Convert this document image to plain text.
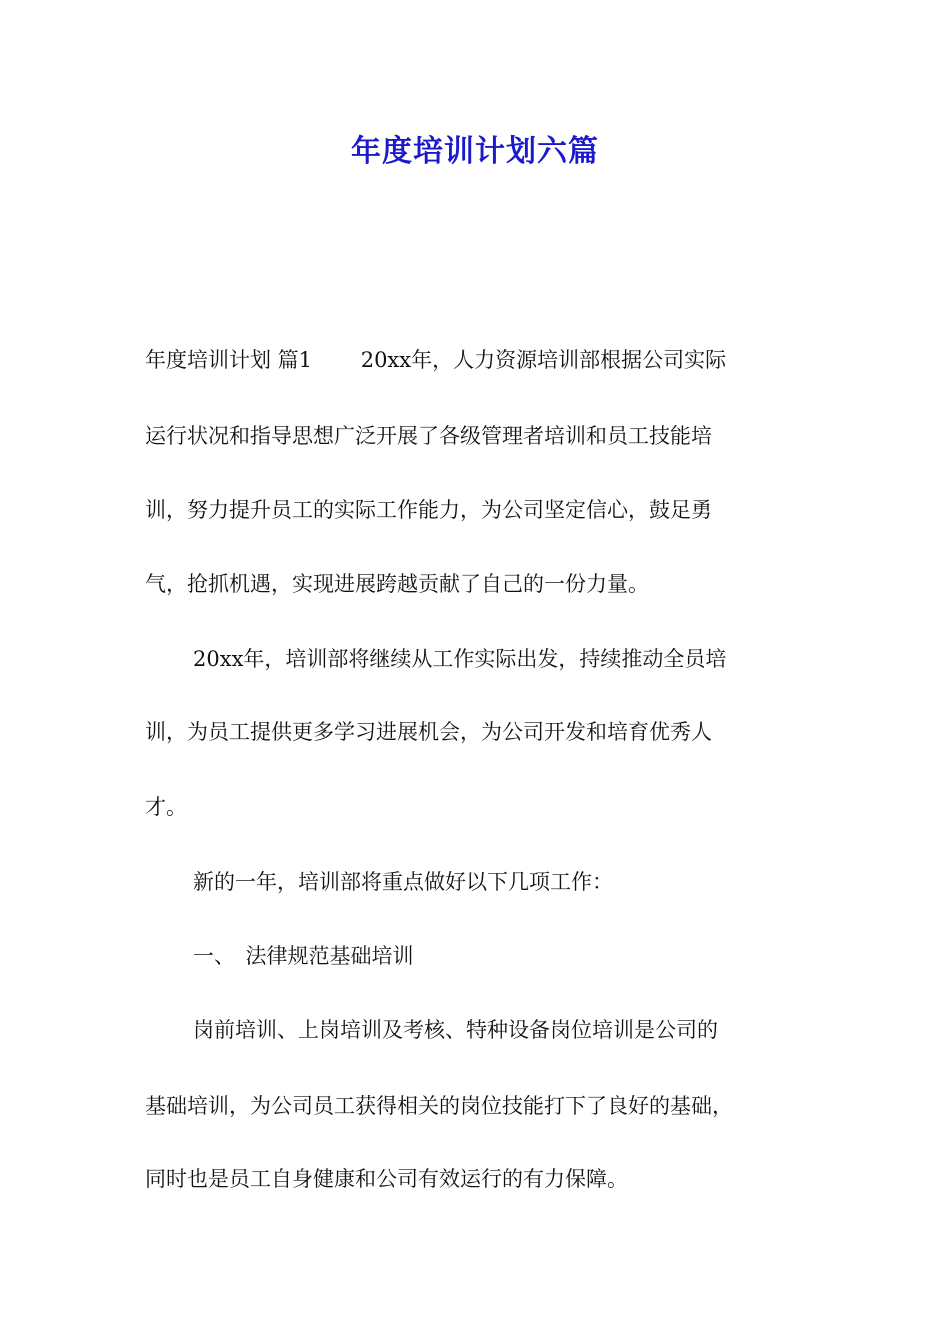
年度培训计划六篇

年度培训计划 篇1 　　20xx年，人力资源培训部根据公司实际

运行状况和指导思想广泛开展了各级管理者培训和员工技能培

训，努力提升员工的实际工作能力，为公司坚定信心，鼓足勇

气，抢抓机遇，实现进展跨越贡献了自己的一份力量。

20xx年，培训部将继续从工作实际出发，持续推动全员培

训，为员工提供更多学习进展机会，为公司开发和培育优秀人

才。

新的一年，培训部将重点做好以下几项工作：

一、　法律规范基础培训

岗前培训、上岗培训及考核、特种设备岗位培训是公司的

基础培训，为公司员工获得相关的岗位技能打下了良好的基础，

同时也是员工自身健康和公司有效运行的有力保障。
